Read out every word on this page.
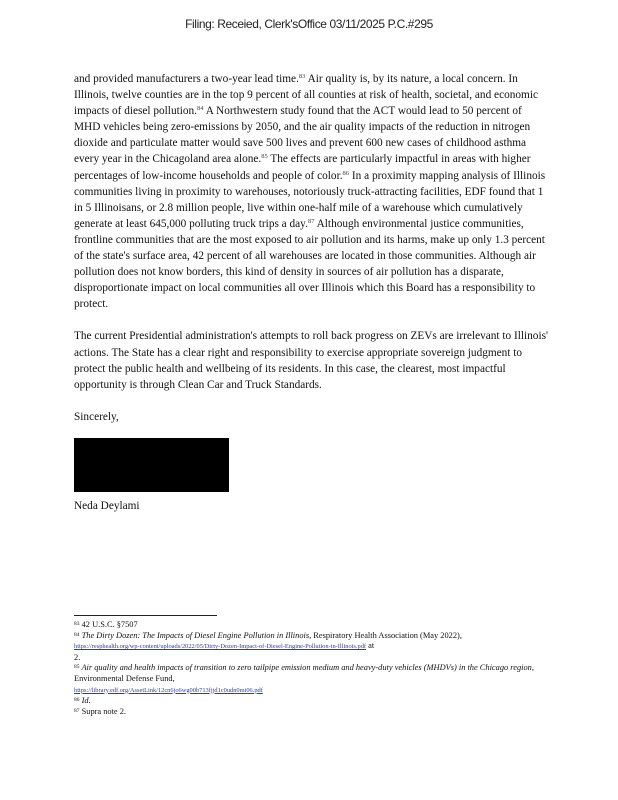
Filing: Receied, Clerk'sOffice 03/11/2025 P.C.#295

and provided manufacturers a two-year lead time.$^{83}$ Air quality is, by its nature, a local concern. In Illinois, twelve counties are in the top 9 percent of all counties at risk of health, societal, and economic impacts of diesel pollution.$^{84}$ A Northwestern study found that the ACT would lead to 50 percent of MHD vehicles being zero-emissions by 2050, and the air quality impacts of the reduction in nitrogen dioxide and particulate matter would save 500 lives and prevent 600 new cases of childhood asthma every year in the Chicagoland area alone.$^{85}$ The effects are particularly impactful in areas with higher percentages of low-income households and people of color.$^{86}$ In a proximity mapping analysis of Illinois communities living in proximity to warehouses, notoriously truck-attracting facilities, EDF found that 1 in 5 Illinoisans, or 2.8 million people, live within one-half mile of a warehouse which cumulatively generate at least 645,000 polluting truck trips a day.$^{87}$ Although environmental justice communities, frontline communities that are the most exposed to air pollution and its harms, make up only 1.3 percent of the state's surface area, 42 percent of all warehouses are located in those communities. Although air pollution does not know borders, this kind of density in sources of air pollution has a disparate, disproportionate impact on local communities all over Illinois which this Board has a responsibility to protect.

The current Presidential administration's attempts to roll back progress on ZEVs are irrelevant to Illinois' actions. The State has a clear right and responsibility to exercise appropriate sovereign judgment to protect the public health and wellbeing of its residents. In this case, the clearest, most impactful opportunity is through Clean Car and Truck Standards.

Sincerely,

Neda Deylami

$^{83}$ 42 U.S.C. §7507
$^{84}$ The Dirty Dozen: The Impacts of Diesel Engine Pollution in Illinois, Respiratory Health Association (May 2022),
https://resphealth.org/wp-content/uploads/2022/05/Dirty-Dozen-Impact-of-Diesel-Engine-Pollution-in-Illinois.pdf at
2.
$^{85}$ Air quality and health impacts of transition to zero tailpipe emission medium and heavy-duty vehicles (MHDVs) in the Chicago region, Environmental Defense Fund,
https://library.edf.org/AssetLink/12cn6jo6wg00b713fjjd1c0udn0mi06.pdf
$^{86}$ Id.
$^{87}$ Supra note 2.
